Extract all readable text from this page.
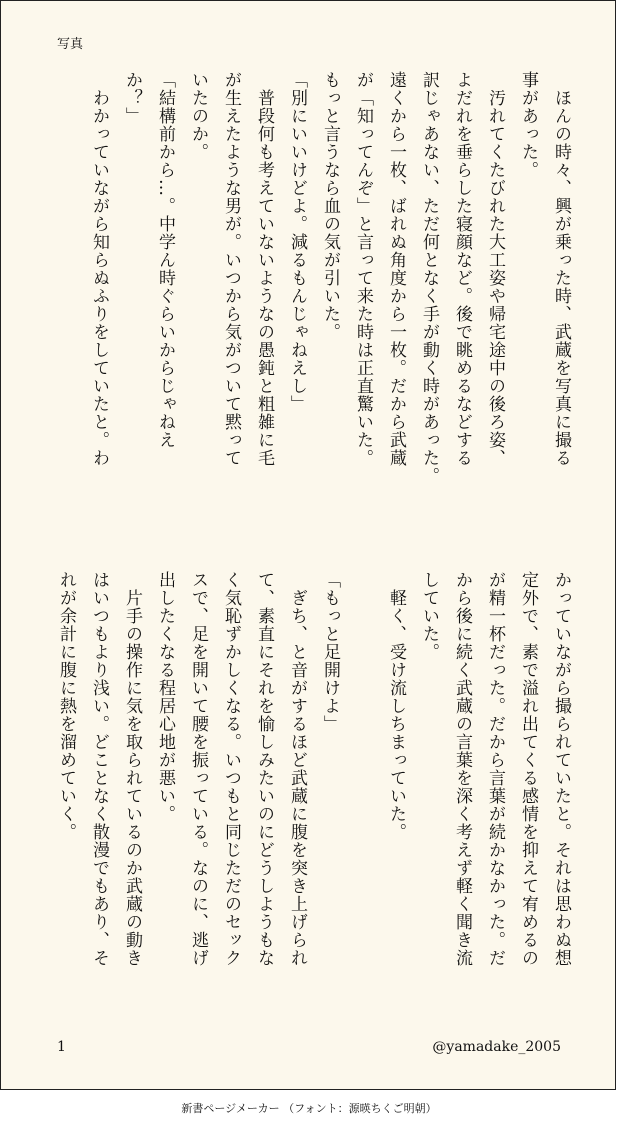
写真

　ほんの時々、興が乗った時、武蔵を写真に撮る
事があった。
　汚れてくたびれた大工姿や帰宅途中の後ろ姿、
よだれを垂らした寝顔など。後で眺めるなどする
訳じゃあない、ただ何となく手が動く時があった。
遠くから一枚、ばれぬ角度から一枚。だから武蔵
が「知ってんぞ」と言って来た時は正直驚いた。
もっと言うなら血の気が引いた。
「別にいいけどよ。減るもんじゃねえし」
　普段何も考えていないようなの愚鈍と粗雑に毛
が生えたような男が。いつから気がついて黙って
いたのか。
「結構前から…。中学ん時ぐらいからじゃねえ
か？」
　わかっていながら知らぬふりをしていたと。わ

かっていながら撮られていたと。それは思わぬ想
定外で、素で溢れ出てくる感情を抑えて宥めるの
が精一杯だった。だから言葉が続かなかった。だ
から後に続く武蔵の言葉を深く考えず軽く聞き流
していた。
　軽く、受け流しちまっていた。

「もっと足開けよ」
　ぎち、と音がするほど武蔵に腹を突き上げられ
て、素直にそれを愉しみたいのにどうしようもな
く気恥ずかしくなる。いつもと同じただのセック
スで、足を開いて腰を振っている。なのに、逃げ
出したくなる程居心地が悪い。
　片手の操作に気を取られているのか武蔵の動き
はいつもより浅い。どことなく散漫でもあり、そ
れが余計に腹に熱を溜めていく。

1	@yamadake_2005
新書ページメーカー （フォント：源暎ちくご明朝）
